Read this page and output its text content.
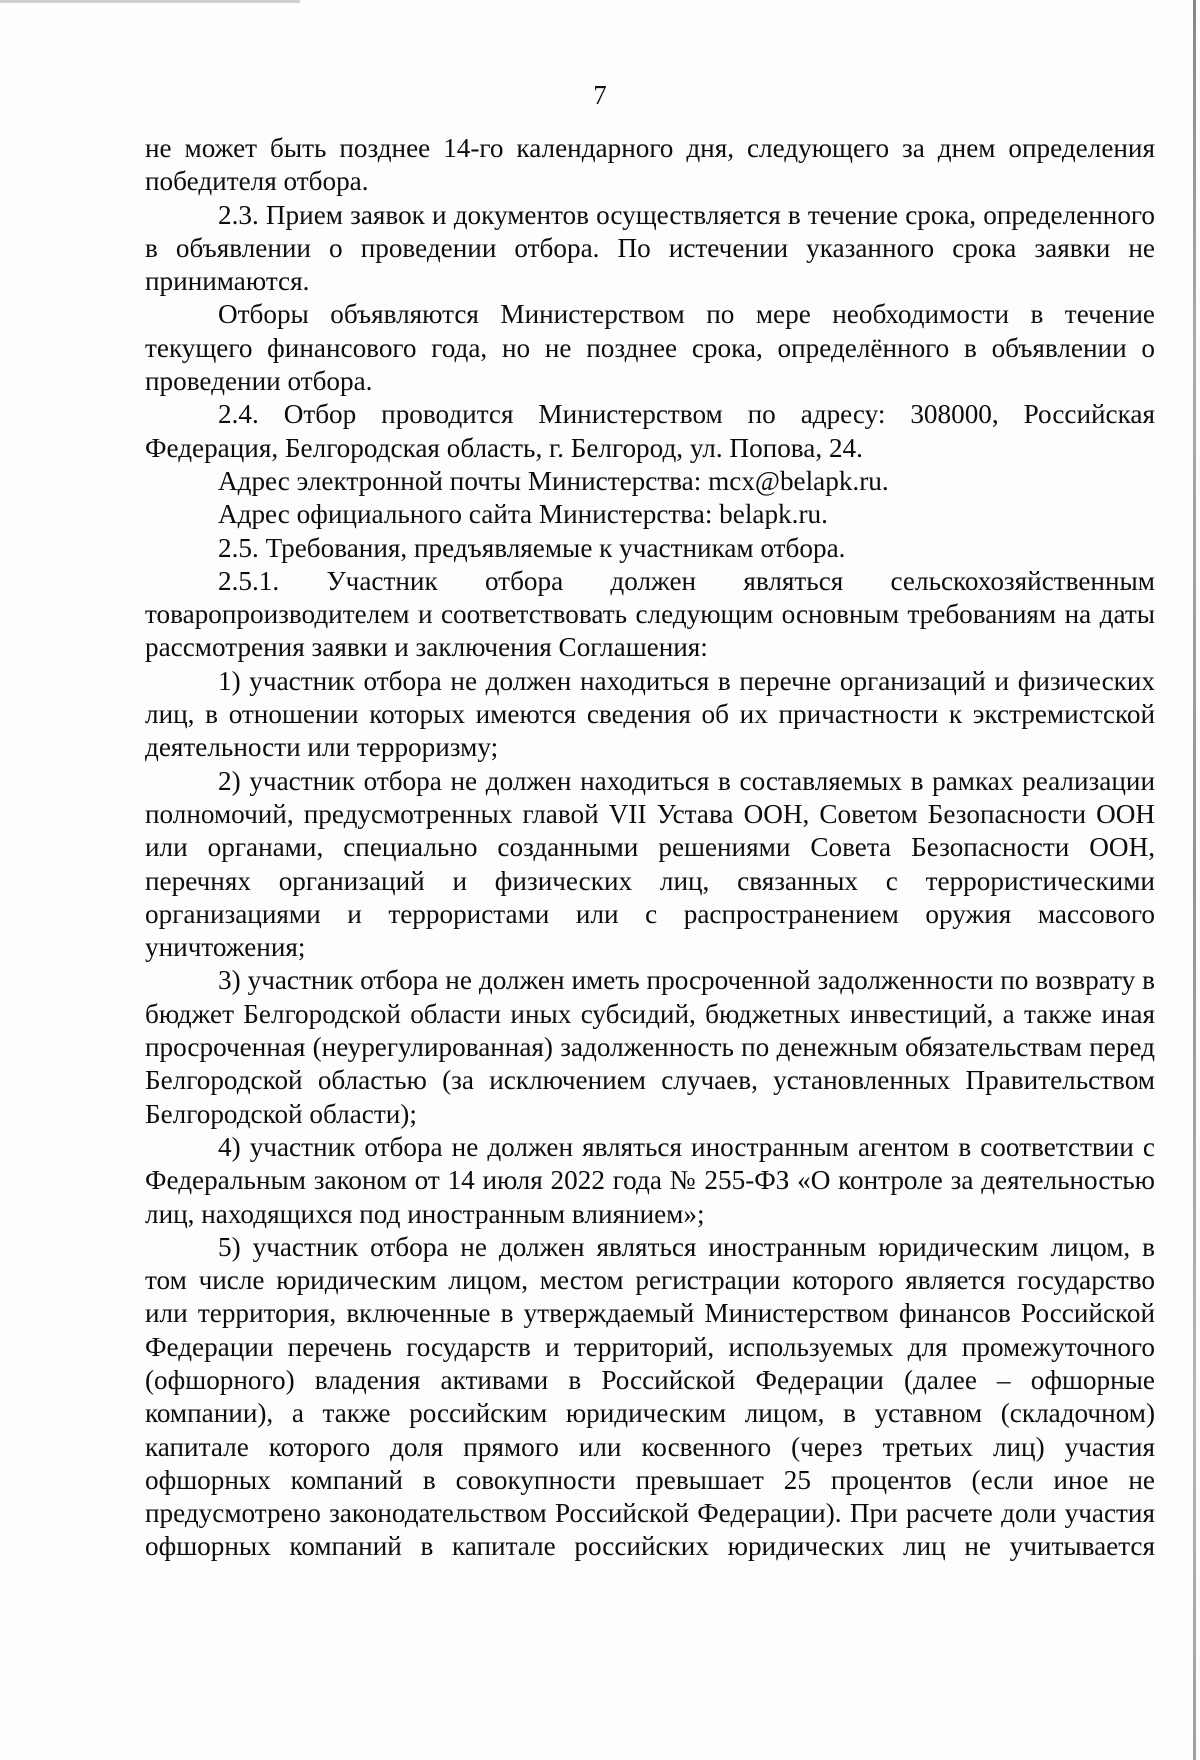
7

не может быть позднее 14-го календарного дня, следующего за днем определения победителя отбора.

2.3. Прием заявок и документов осуществляется в течение срока, определенного в объявлении о проведении отбора. По истечении указанного срока заявки не принимаются.

Отборы объявляются Министерством по мере необходимости в течение текущего финансового года, но не позднее срока, определённого в объявлении о проведении отбора.

2.4. Отбор проводится Министерством по адресу: 308000, Российская Федерация, Белгородская область, г. Белгород, ул. Попова, 24.

Адрес электронной почты Министерства: mcx@belapk.ru.

Адрес официального сайта Министерства: belapk.ru.

2.5. Требования, предъявляемые к участникам отбора.

2.5.1. Участник отбора должен являться сельскохозяйственным товаропроизводителем и соответствовать следующим основным требованиям на даты рассмотрения заявки и заключения Соглашения:

1) участник отбора не должен находиться в перечне организаций и физических лиц, в отношении которых имеются сведения об их причастности к экстремистской деятельности или терроризму;

2) участник отбора не должен находиться в составляемых в рамках реализации полномочий, предусмотренных главой VII Устава ООН, Советом Безопасности ООН или органами, специально созданными решениями Совета Безопасности ООН, перечнях организаций и физических лиц, связанных с террористическими организациями и террористами или с распространением оружия массового уничтожения;

3) участник отбора не должен иметь просроченной задолженности по возврату в бюджет Белгородской области иных субсидий, бюджетных инвестиций, а также иная просроченная (неурегулированная) задолженность по денежным обязательствам перед Белгородской областью (за исключением случаев, установленных Правительством Белгородской области);

4) участник отбора не должен являться иностранным агентом в соответствии с Федеральным законом от 14 июля 2022 года № 255-ФЗ «О контроле за деятельностью лиц, находящихся под иностранным влиянием»;

5) участник отбора не должен являться иностранным юридическим лицом, в том числе юридическим лицом, местом регистрации которого является государство или территория, включенные в утверждаемый Министерством финансов Российской Федерации перечень государств и территорий, используемых для промежуточного (офшорного) владения активами в Российской Федерации (далее – офшорные компании), а также российским юридическим лицом, в уставном (складочном) капитале которого доля прямого или косвенного (через третьих лиц) участия офшорных компаний в совокупности превышает 25 процентов (если иное не предусмотрено законодательством Российской Федерации). При расчете доли участия офшорных компаний в капитале российских юридических лиц не учитывается
